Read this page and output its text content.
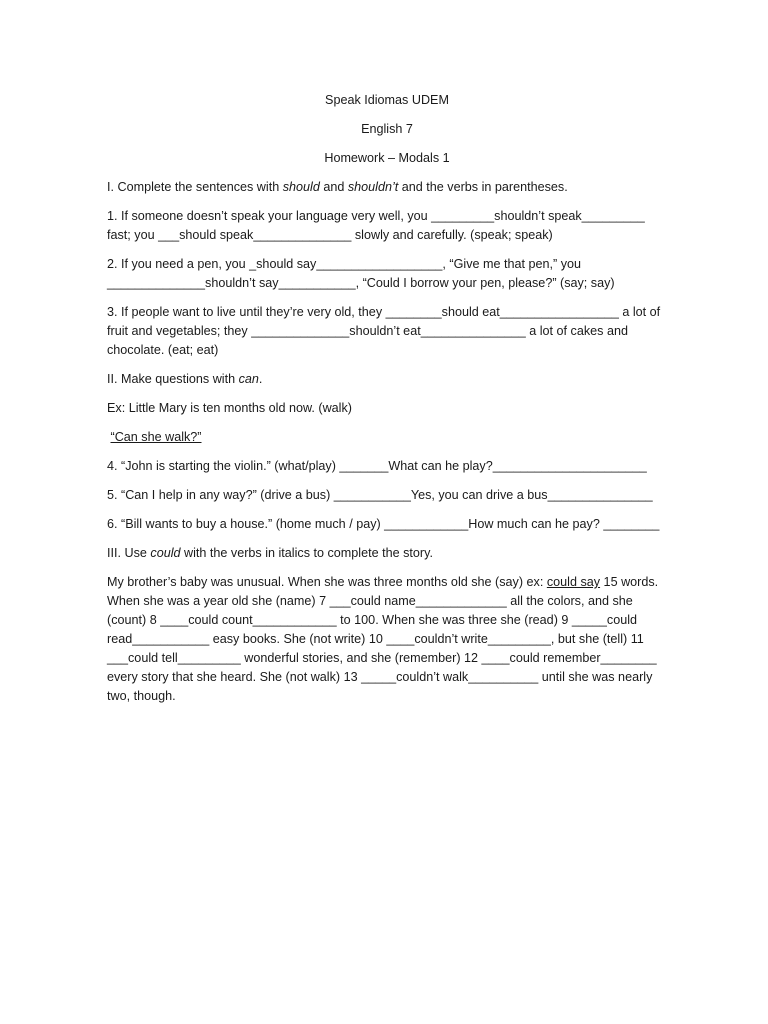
Speak Idiomas UDEM

English 7

Homework – Modals 1

I. Complete the sentences with should and shouldn’t and the verbs in parentheses.

1. If someone doesn’t speak your language very well, you _________shouldn’t speak_________ fast; you ___should speak______________ slowly and carefully. (speak; speak)

2. If you need a pen, you _should say__________________, “Give me that pen,” you ______________shouldn’t say___________, “Could I borrow your pen, please?” (say; say)

3. If people want to live until they’re very old, they ________should eat_________________ a lot of fruit and vegetables; they ______________shouldn’t eat_______________ a lot of cakes and chocolate. (eat; eat)

II. Make questions with can.

Ex: Little Mary is ten months old now. (walk)

“Can she walk?”

4. “John is starting the violin.” (what/play) _______What can he play?______________________

5. “Can I help in any way?” (drive a bus) ___________Yes, you can drive a bus_______________

6. “Bill wants to buy a house.” (home much / pay) ____________How much can he pay? ________

III. Use could with the verbs in italics to complete the story.

My brother’s baby was unusual. When she was three months old she (say) ex: could say 15 words. When she was a year old she (name) 7 ___could name_____________ all the colors, and she (count) 8 ____could count____________ to 100. When she was three she (read) 9 _____could read___________ easy books. She (not write) 10 ____couldn’t write_________, but she (tell) 11 ___could tell_________ wonderful stories, and she (remember) 12 ____could remember________ every story that she heard. She (not walk) 13 _____couldn’t walk__________ until she was nearly two, though.
